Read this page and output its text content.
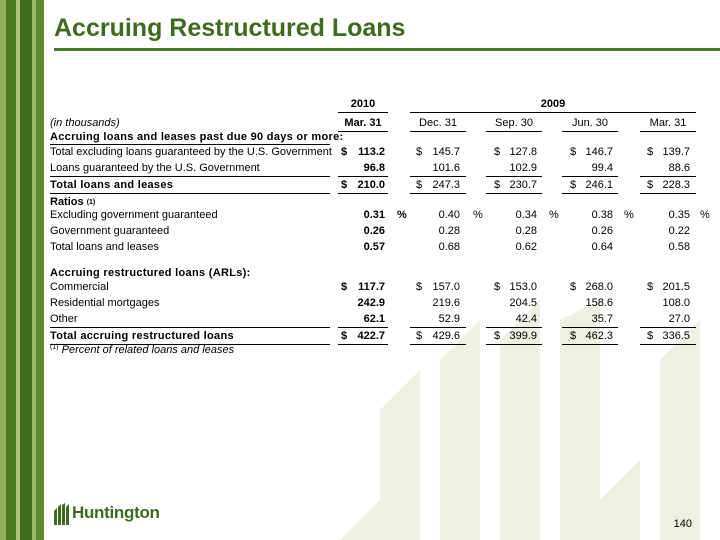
Accruing Restructured Loans
2010	2009
(in thousands)	Mar. 31	Dec. 31	Sep. 30	Jun. 30	Mar. 31
Accruing loans and leases past due 90 days or more:
Total excluding loans guaranteed by the U.S. Government $ 113.2	$ 145.7	$ 127.8	$ 146.7	$ 139.7
Loans guaranteed by the U.S. Government	96.8	101.6	102.9	99.4	88.6
Total loans and leases	$ 210.0	$ 247.3	$ 230.7	$ 246.1	$ 228.3
Ratios $^{(1)}$
Excluding government guaranteed	0.31 %	0.40 %	0.34 %	0.38 %	0.35 %
Government guaranteed	0.26	0.28	0.28	0.26	0.22
Total loans and leases	0.57	0.68	0.62	0.64	0.58
Accruing restructured loans (ARLs):
Commercial	$ 117.7	$ 157.0	$ 153.0	$ 268.0	$ 201.5
Residential mortgages	242.9	219.6	204.5	158.6	108.0
Other	62.1	52.9	42.4	35.7	27.0
Total accruing restructured loans	$ 422.7	$ 429.6	$ 399.9	$ 462.3	$ 336.5
$^{(1)}$ Percent of related loans and leases
Huntington
140
